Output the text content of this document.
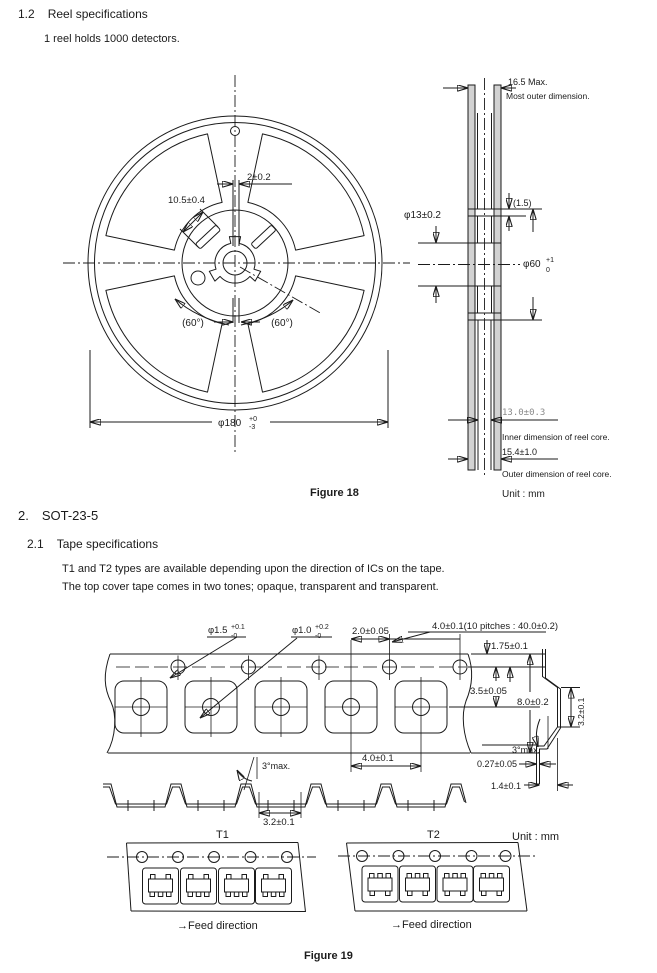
1.2 Reel specifications
1 reel holds 1000 detectors.
2. SOT-23-5
2.1 Tape specifications
T1 and T2 types are available depending upon the direction of ICs on the tape.
The top cover tape comes in two tones; opaque, transparent and transparent.
2±0.2
10.5±0.4
(60°)	(60°)
φ180 +0
-3
Figure 18
16.5 Max.
Most outer dimension.
(1.5)
φ13±0.2
φ60 +1
0
13.0±0.3
Inner dimension of reel core.
15.4±1.0
Outer dimension of reel core.
Unit : mm
φ1.5 +0.1
-0
φ1.0 +0.2
-0	2.0±0.05	4.0±0.1(10 pitches : 40.0±0.2)
1.75±0.1
3.5±0.05
8.0±0.2
4.0±0.1
3.2±0.1
3°max.
0.27±0.05
1.4±0.1
3°max.
3.2±0.1
T1	T2	Unit : mm
→Feed direction	→Feed direction
Figure 19
